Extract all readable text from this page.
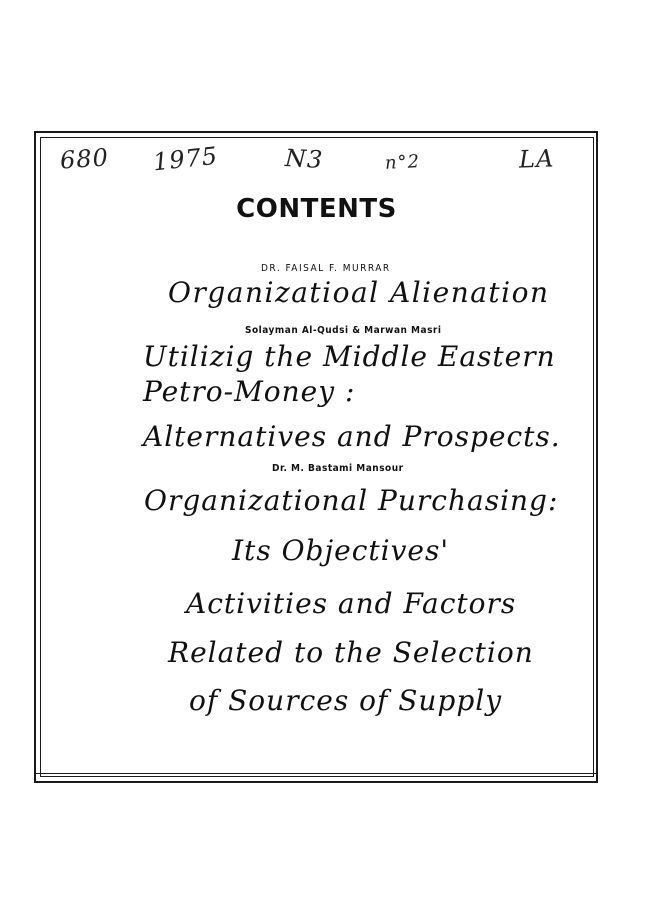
680 1975	N3	n°2	LA
CONTENTS
DR. FAISAL F. MURRAR
Organizatioal Alienation
Solayman Al-Qudsi & Marwan Masri
Utilizig the Middle Eastern
Petro-Money :
Alternatives and Prospects.
Dr. M. Bastami Mansour
Organizational Purchasing:
Its Objectives'
Activities and Factors
Related to the Selection
of Sources of Supply
